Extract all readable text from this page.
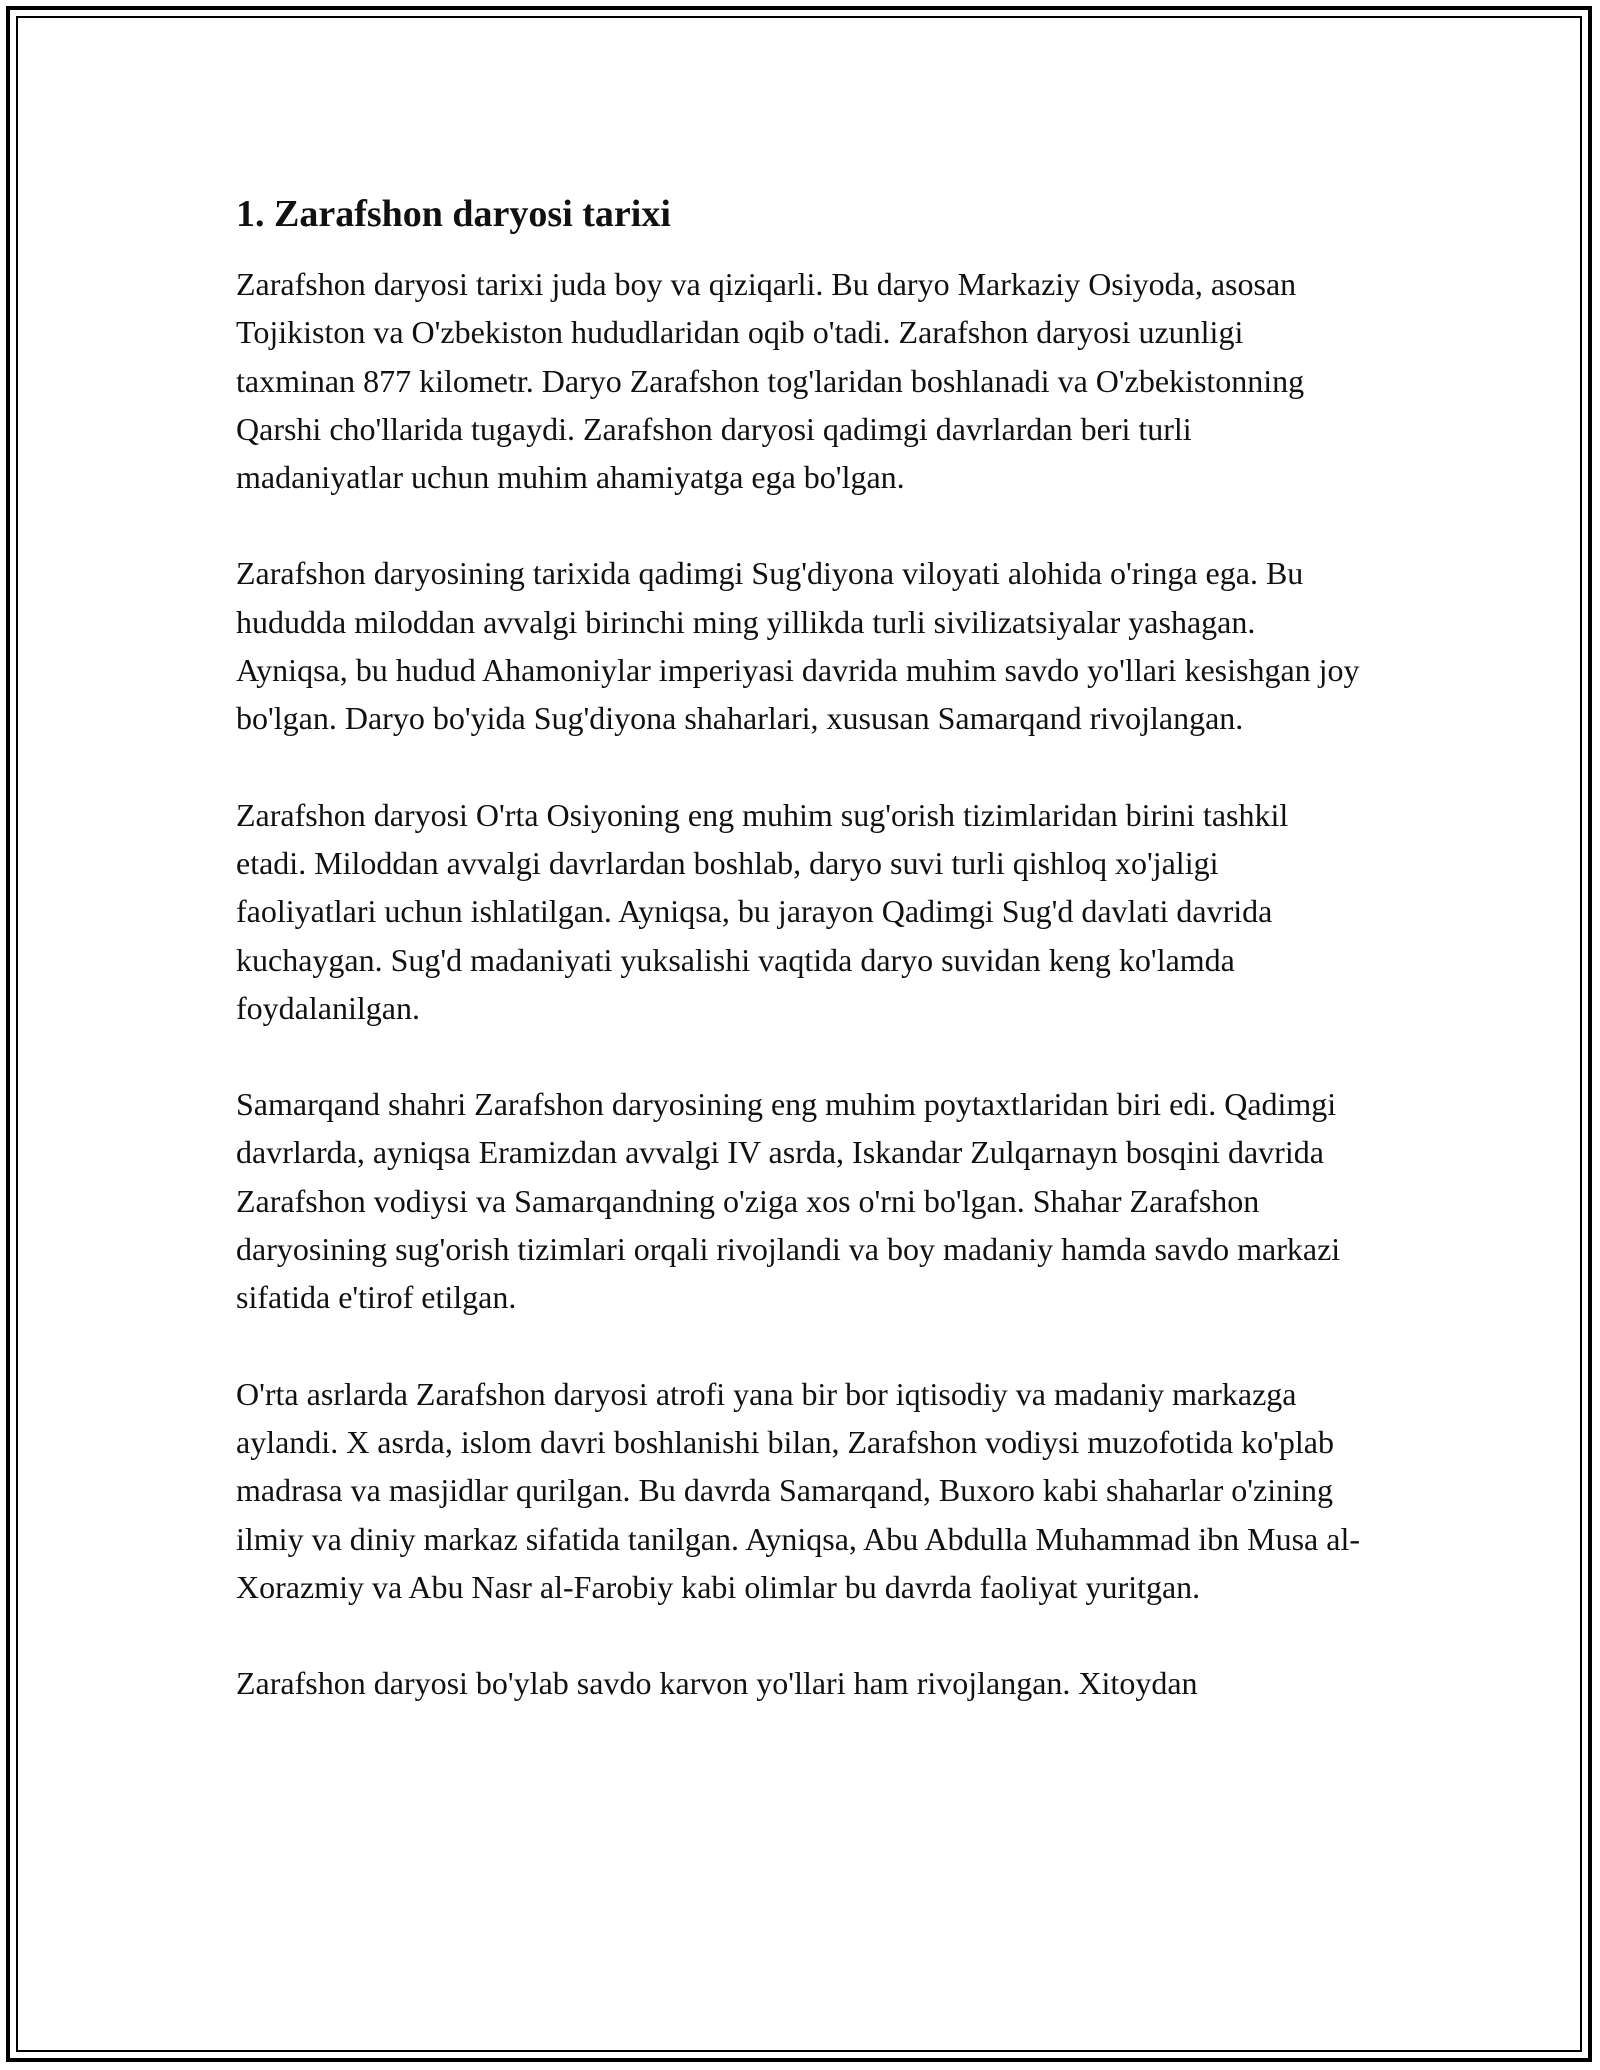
1. Zarafshon daryosi tarixi

Zarafshon daryosi tarixi juda boy va qiziqarli. Bu daryo Markaziy Osiyoda, asosan Tojikiston va O'zbekiston hududlaridan oqib o'tadi. Zarafshon daryosi uzunligi taxminan 877 kilometr. Daryo Zarafshon tog'laridan boshlanadi va O'zbekistonning Qarshi cho'llarida tugaydi. Zarafshon daryosi qadimgi davrlardan beri turli madaniyatlar uchun muhim ahamiyatga ega bo'lgan.

Zarafshon daryosining tarixida qadimgi Sug'diyona viloyati alohida o'ringa ega. Bu hududda miloddan avvalgi birinchi ming yillikda turli sivilizatsiyalar yashagan. Ayniqsa, bu hudud Ahamoniylar imperiyasi davrida muhim savdo yo'llari kesishgan joy bo'lgan. Daryo bo'yida Sug'diyona shaharlari, xususan Samarqand rivojlangan.

Zarafshon daryosi O'rta Osiyoning eng muhim sug'orish tizimlaridan birini tashkil etadi. Miloddan avvalgi davrlardan boshlab, daryo suvi turli qishloq xo'jaligi faoliyatlari uchun ishlatilgan. Ayniqsa, bu jarayon Qadimgi Sug'd davlati davrida kuchaygan. Sug'd madaniyati yuksalishi vaqtida daryo suvidan keng ko'lamda foydalanilgan.

Samarqand shahri Zarafshon daryosining eng muhim poytaxtlaridan biri edi. Qadimgi davrlarda, ayniqsa Eramizdan avvalgi IV asrda, Iskandar Zulqarnayn bosqini davrida Zarafshon vodiysi va Samarqandning o'ziga xos o'rni bo'lgan. Shahar Zarafshon daryosining sug'orish tizimlari orqali rivojlandi va boy madaniy hamda savdo markazi sifatida e'tirof etilgan.

O'rta asrlarda Zarafshon daryosi atrofi yana bir bor iqtisodiy va madaniy markazga aylandi. X asrda, islom davri boshlanishi bilan, Zarafshon vodiysi muzofotida ko'plab madrasa va masjidlar qurilgan. Bu davrda Samarqand, Buxoro kabi shaharlar o'zining ilmiy va diniy markaz sifatida tanilgan. Ayniqsa, Abu Abdulla Muhammad ibn Musa al-Xorazmiy va Abu Nasr al-Farobiy kabi olimlar bu davrda faoliyat yuritgan.

Zarafshon daryosi bo'ylab savdo karvon yo'llari ham rivojlangan. Xitoydan
